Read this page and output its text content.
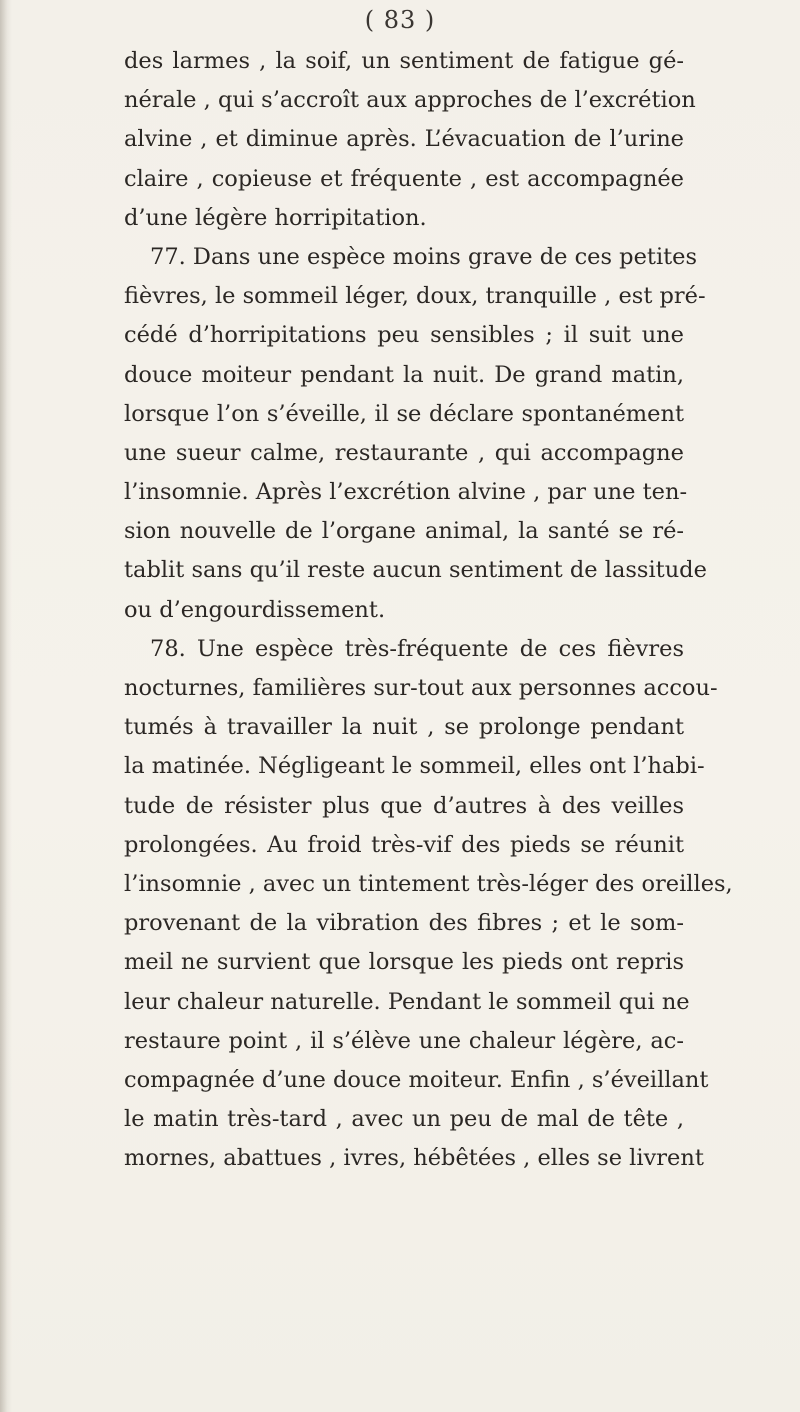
( 83 )
des larmes , la soif, un sentiment de fatigue gé-
nérale , qui s’accroît aux approches de l’excrétion
alvine , et diminue après. L’évacuation de l’urine
claire , copieuse et fréquente , est accompagnée
d’une légère horripitation.
77. Dans une espèce moins grave de ces petites
fièvres, le sommeil léger, doux, tranquille , est pré-
cédé d’horripitations peu sensibles ; il suit une
douce moiteur pendant la nuit. De grand matin,
lorsque l’on s’éveille, il se déclare spontanément
une sueur calme, restaurante , qui accompagne
l’insomnie. Après l’excrétion alvine , par une ten-
sion nouvelle de l’organe animal, la santé se ré-
tablit sans qu’il reste aucun sentiment de lassitude
ou d’engourdissement.
78. Une espèce très-fréquente de ces fièvres
nocturnes, familières sur-tout aux personnes accou-
tumés à travailler la nuit , se prolonge pendant
la matinée. Négligeant le sommeil, elles ont l’habi-
tude de résister plus que d’autres à des veilles
prolongées. Au froid très-vif des pieds se réunit
l’insomnie , avec un tintement très-léger des oreilles,
provenant de la vibration des fibres ; et le som-
meil ne survient que lorsque les pieds ont repris
leur chaleur naturelle. Pendant le sommeil qui ne
restaure point , il s’élève une chaleur légère, ac-
compagnée d’une douce moiteur. Enfin , s’éveillant
le matin très-tard , avec un peu de mal de tête ,
mornes, abattues , ivres, hébêtées , elles se livrent
